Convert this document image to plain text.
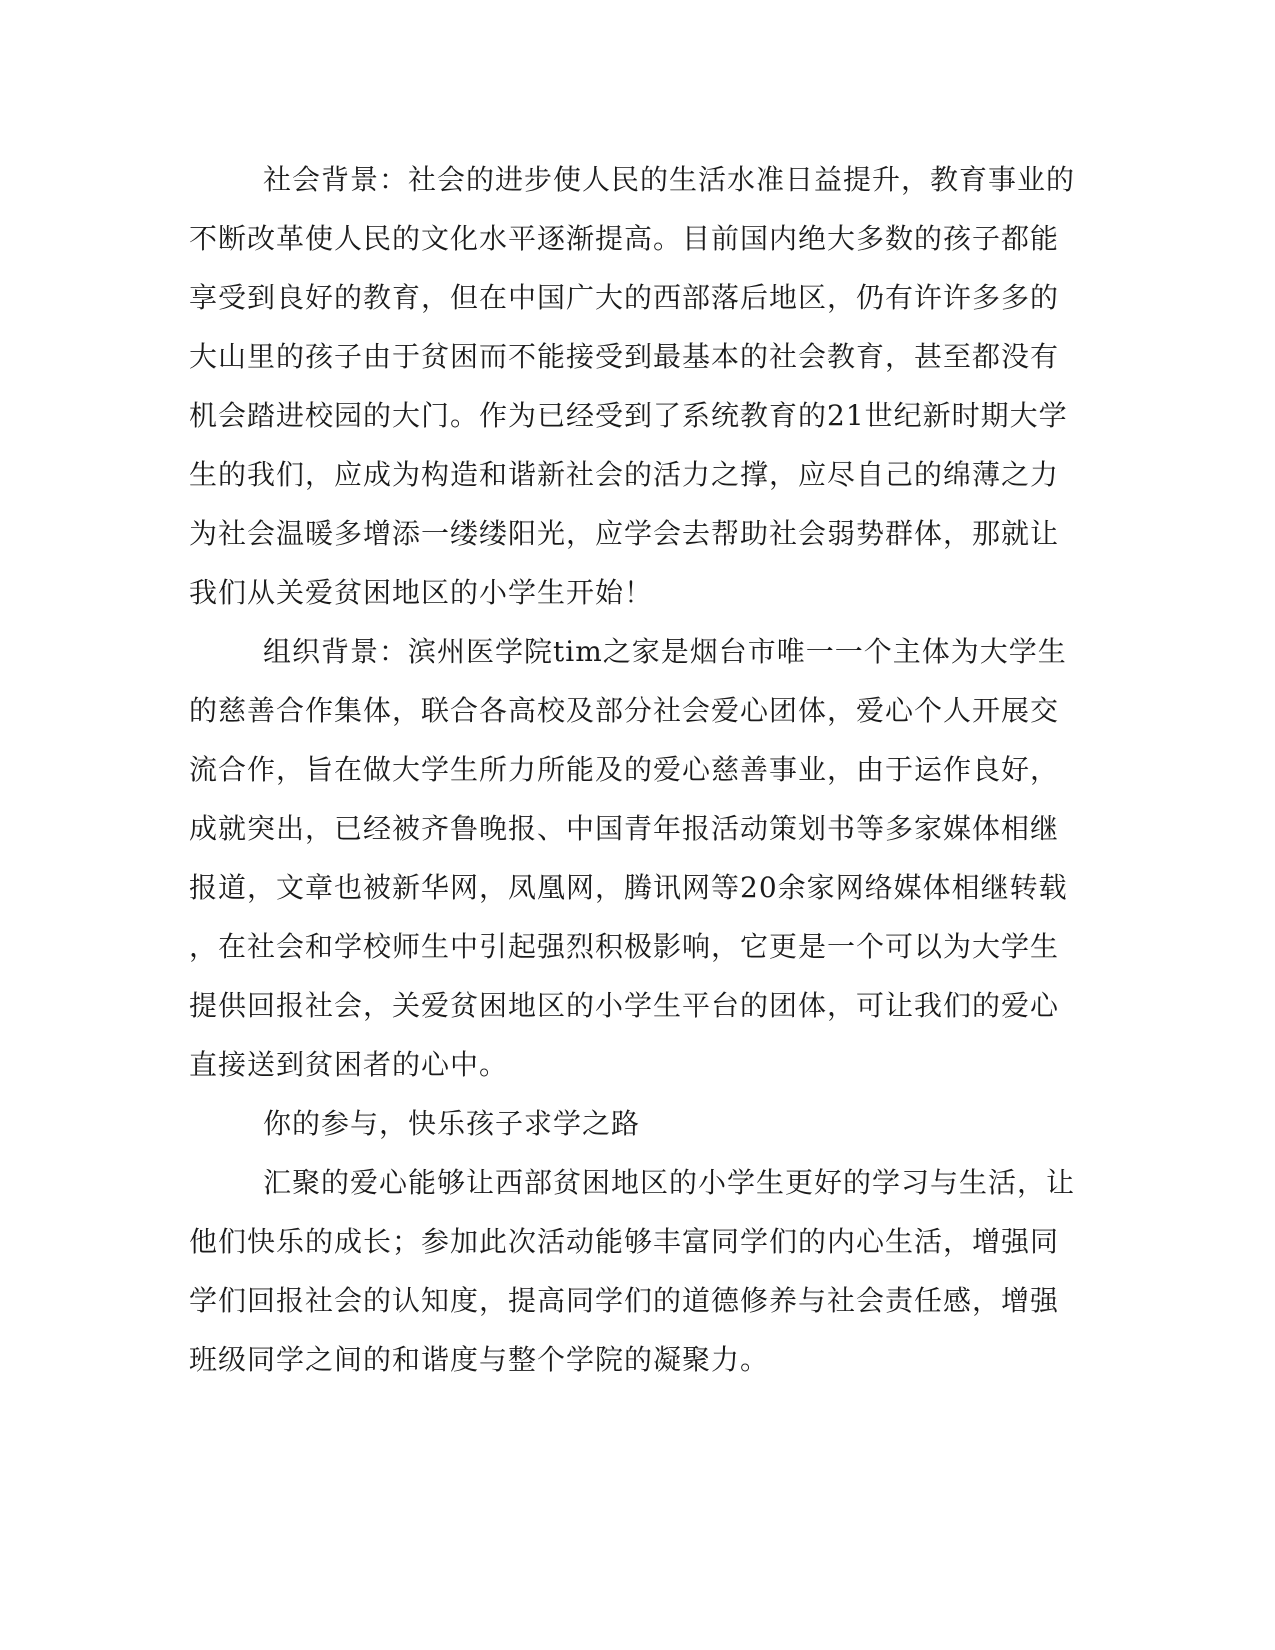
社会背景：社会的进步使人民的生活水准日益提升，教育事业的
不断改革使人民的文化水平逐渐提高。目前国内绝大多数的孩子都能
享受到良好的教育，但在中国广大的西部落后地区，仍有许许多多的
大山里的孩子由于贫困而不能接受到最基本的社会教育，甚至都没有
机会踏进校园的大门。作为已经受到了系统教育的21世纪新时期大学
生的我们，应成为构造和谐新社会的活力之撑，应尽自己的绵薄之力
为社会温暖多增添一缕缕阳光，应学会去帮助社会弱势群体，那就让
我们从关爱贫困地区的小学生开始！
组织背景：滨州医学院tim之家是烟台市唯一一个主体为大学生
的慈善合作集体，联合各高校及部分社会爱心团体，爱心个人开展交
流合作，旨在做大学生所力所能及的爱心慈善事业，由于运作良好，
成就突出，已经被齐鲁晚报、中国青年报活动策划书等多家媒体相继
报道，文章也被新华网，凤凰网，腾讯网等20余家网络媒体相继转载
，在社会和学校师生中引起强烈积极影响，它更是一个可以为大学生
提供回报社会，关爱贫困地区的小学生平台的团体，可让我们的爱心
直接送到贫困者的心中。
你的参与，快乐孩子求学之路
汇聚的爱心能够让西部贫困地区的小学生更好的学习与生活，让
他们快乐的成长；参加此次活动能够丰富同学们的内心生活，增强同
学们回报社会的认知度，提高同学们的道德修养与社会责任感，增强
班级同学之间的和谐度与整个学院的凝聚力。
